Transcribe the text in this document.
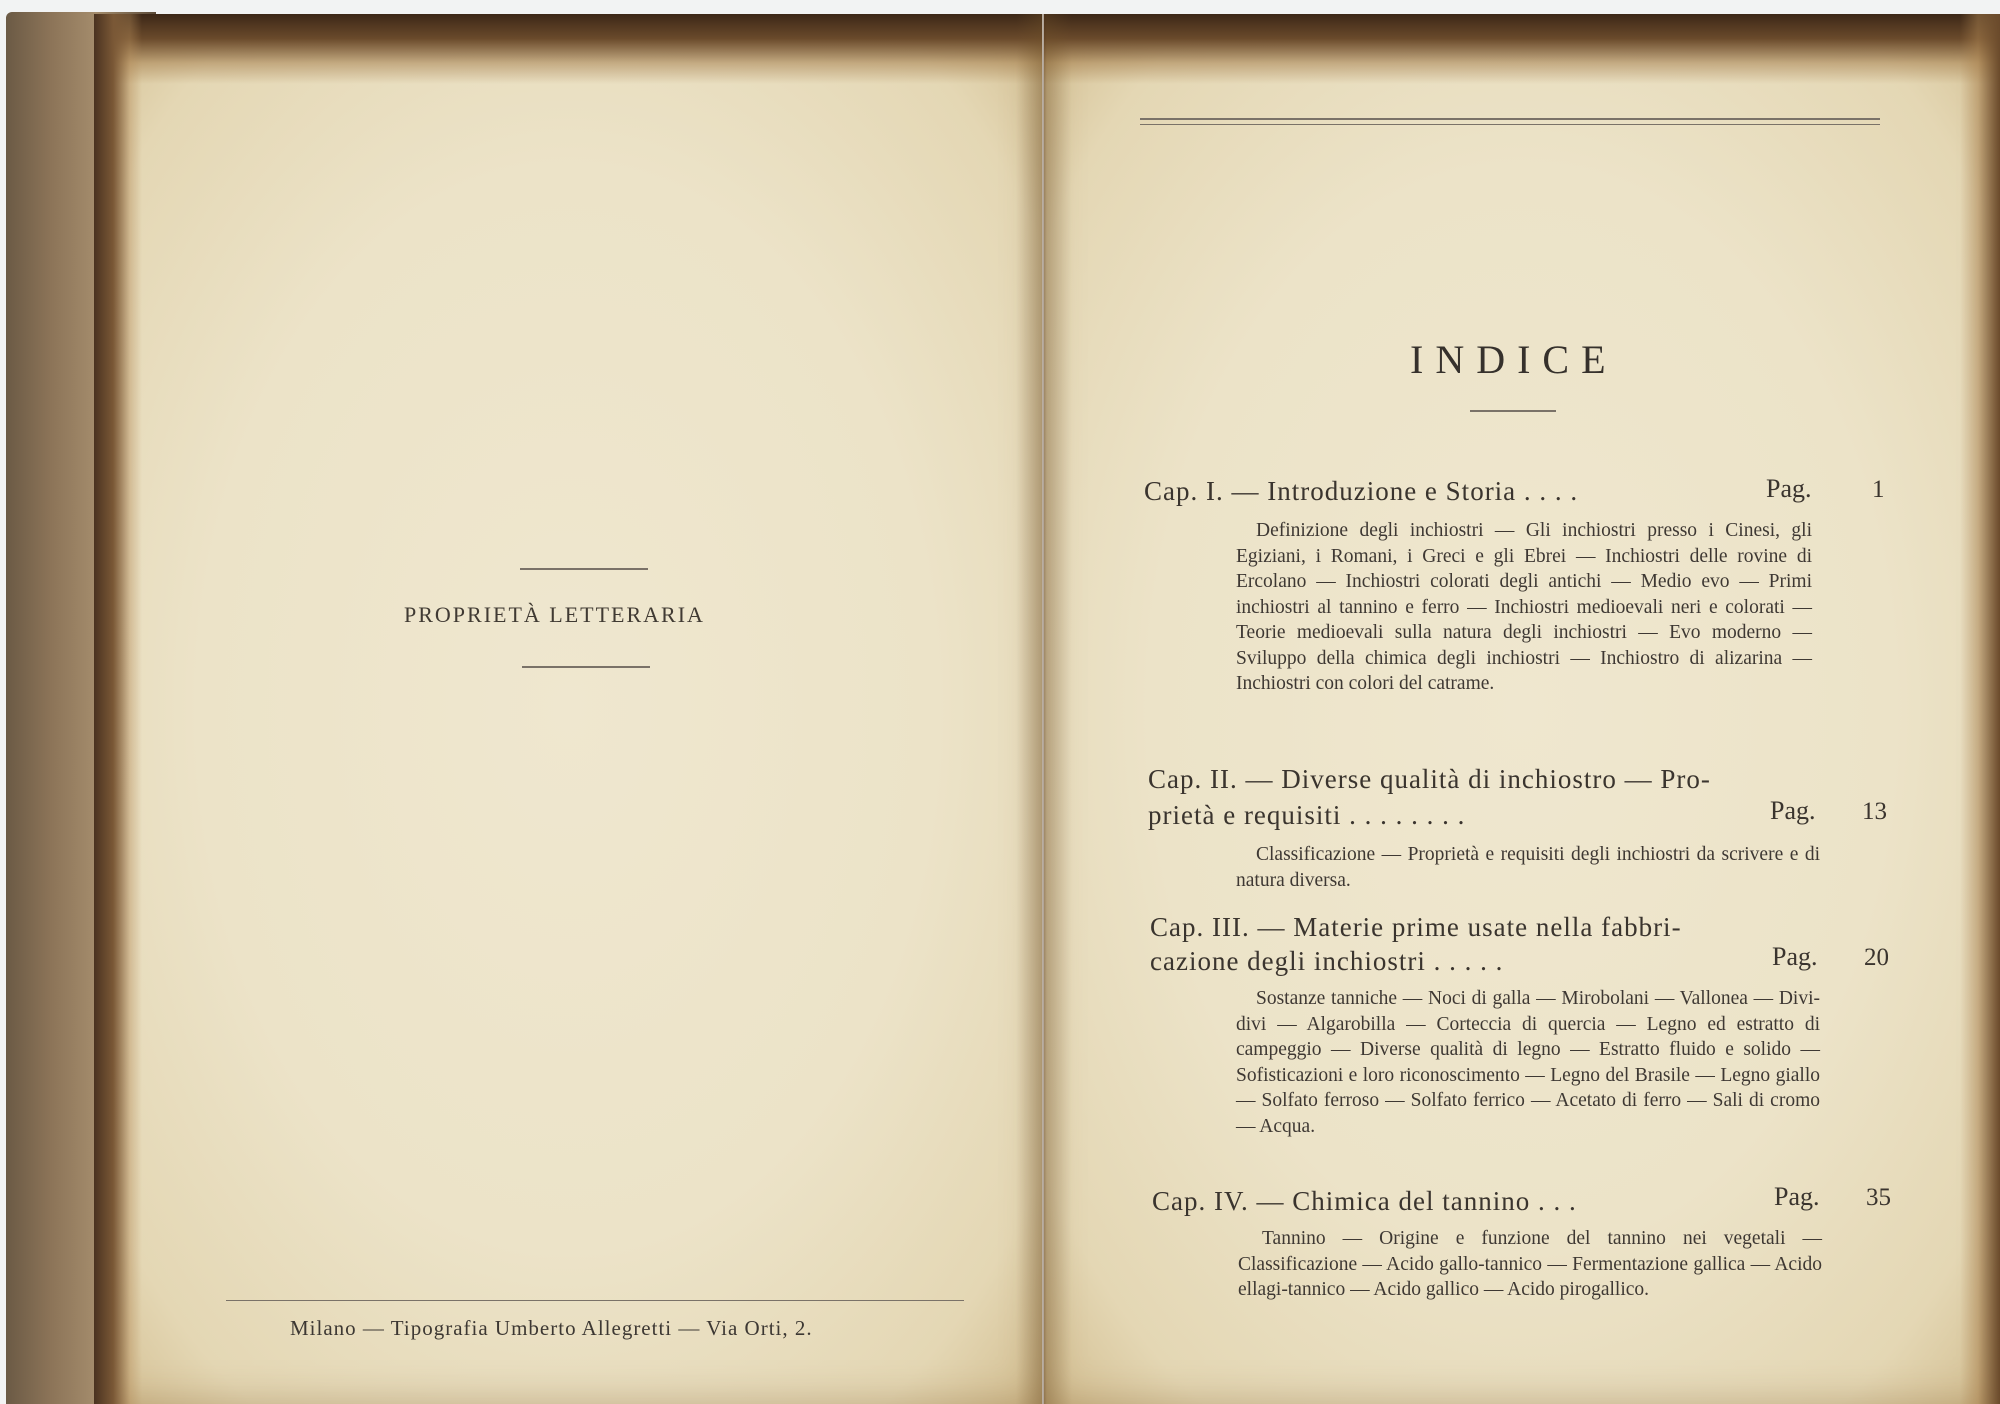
PROPRIETÀ LETTERARIA
Milano — Tipografia Umberto Allegretti — Via Orti, 2.
INDICE
Cap. I. — Introduzione e Storia . . . .	Pag. 1
Definizione degli inchiostri — Gli inchiostri presso i Cinesi, gli Egiziani, i Romani, i Greci e gli Ebrei — Inchiostri delle rovine di Ercolano — Inchiostri colorati degli antichi — Medio evo — Primi inchiostri al tannino e ferro — Inchiostri medioevali neri e colorati — Teorie medioevali sulla natura degli inchiostri — Evo moderno — Sviluppo della chimica degli inchiostri — Inchiostro di alizarina — Inchiostri con colori del catrame.
Cap. II. — Diverse qualità di inchiostro — Pro-
prietà e requisiti . . . . . . . .	Pag. 13
Classificazione — Proprietà e requisiti degli inchiostri da scrivere e di natura diversa.
Cap. III. — Materie prime usate nella fabbri-
cazione degli inchiostri . . . . .	Pag. 20
Sostanze tanniche — Noci di galla — Mirobolani — Vallonea — Divi-divi — Algarobilla — Corteccia di quercia — Legno ed estratto di campeggio — Diverse qualità di legno — Estratto fluido e solido — Sofisticazioni e loro riconoscimento — Legno del Brasile — Legno giallo — Solfato ferroso — Solfato ferrico — Acetato di ferro — Sali di cromo — Acqua.
Cap. IV. — Chimica del tannino . . .	Pag. 35
Tannino — Origine e funzione del tannino nei vegetali — Classificazione — Acido gallo-tannico — Fermentazione gallica — Acido ellagi-tannico — Acido gallico — Acido pirogallico.
